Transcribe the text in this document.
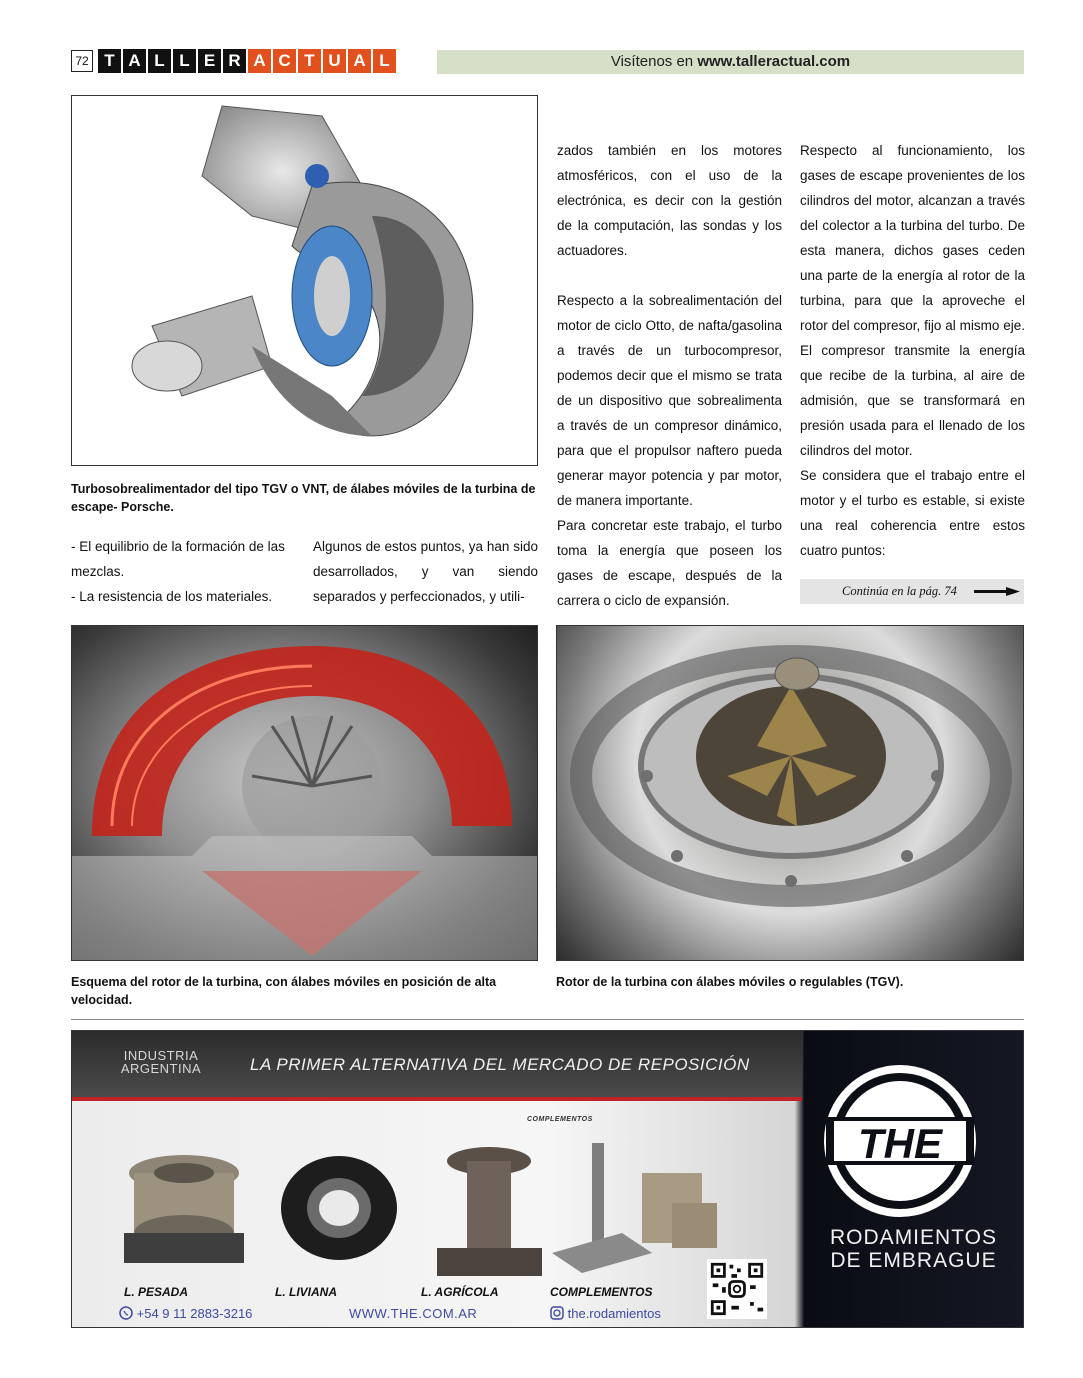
72 T A L L E R A C T U A L	Visítenos en www.talleractual.com
Turbosobrealimentador del tipo TGV o VNT, de álabes móviles de la turbina de escape- Porsche.

- El equilibrio de la formación de las mezclas.

- La resistencia de los materiales.

Algunos de estos puntos, ya han sido desarrollados, y van siendo separados y perfeccionados, y utili-

zados también en los motores atmosféricos, con el uso de la electrónica, es decir con la gestión de la computación, las sondas y los actuadores.

Respecto a la sobrealimentación del motor de ciclo Otto, de nafta/gasolina a través de un turbocompresor, podemos decir que el mismo se trata de un dispositivo que sobrealimenta a través de un compresor dinámico, para que el propulsor naftero pueda generar mayor potencia y par motor, de manera importante.

Para concretar este trabajo, el turbo toma la energía que poseen los gases de escape, después de la carrera o ciclo de expansión.

Respecto al funcionamiento, los gases de escape provenientes de los cilindros del motor, alcanzan a través del colector a la turbina del turbo. De esta manera, dichos gases ceden una parte de la energía al rotor de la turbina, para que la aproveche el rotor del compresor, fijo al mismo eje. El compresor transmite la energía que recibe de la turbina, al aire de admisión, que se transformará en presión usada para el llenado de los cilindros del motor.

Se considera que el trabajo entre el motor y el turbo es estable, si existe una real coherencia entre estos cuatro puntos:

Continúa en la pág. 74
Esquema del rotor de la turbina, con álabes móviles en posición de alta velocidad.
Rotor de la turbina con álabes móviles o regulables (TGV).
INDUSTRIA ARGENTINA	LA PRIMER ALTERNATIVA DEL MERCADO DE REPOSICIÓN
COMPLEMENTOS
L. PESADA	L. LIVIANA	L. AGRÍCOLA	COMPLEMENTOS
+54 9 11 2883-3216	WWW.THE.COM.AR	the.rodamientos
THE
RODAMIENTOS
DE EMBRAGUE
